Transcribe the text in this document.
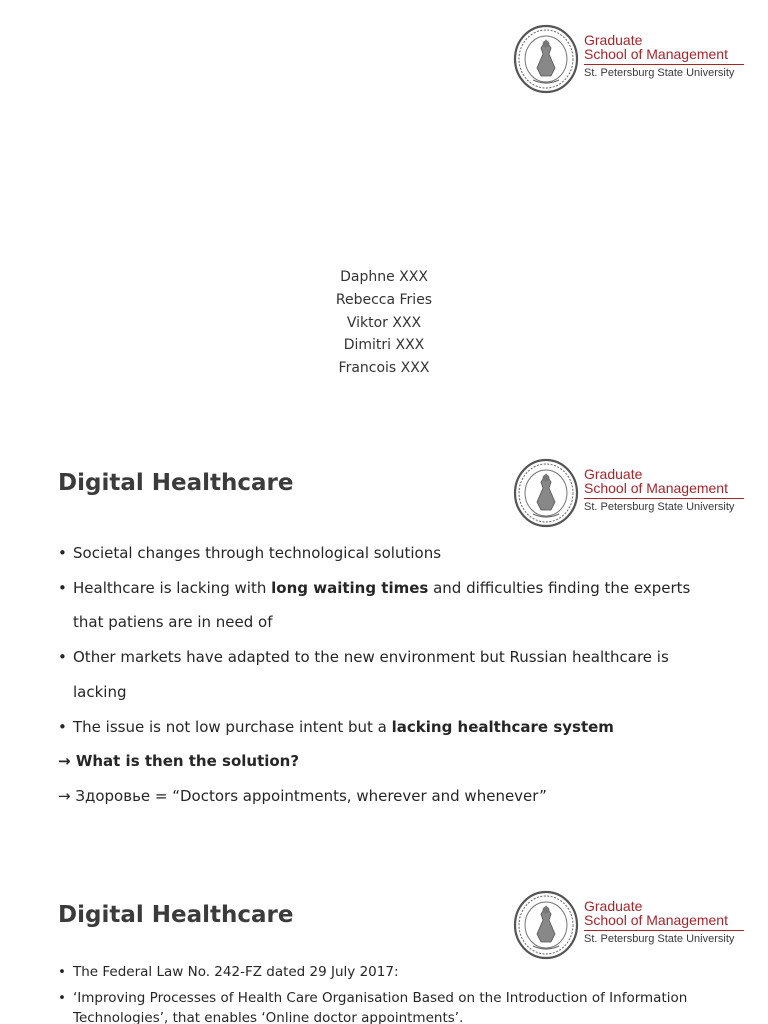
Graduate
School of Management
St. Petersburg State University
Daphne XXX
Rebecca Fries
Viktor XXX
Dimitri XXX
Francois XXX
Digital Healthcare	Graduate
School of Management
St. Petersburg State University
• Societal changes through technological solutions
• Healthcare is lacking with long waiting times and difficulties finding the experts
that patiens are in need of
• Other markets have adapted to the new environment but Russian healthcare is
lacking
• The issue is not low purchase intent but a lacking healthcare system
→ What is then the solution?
→ Здоровье = “Doctors appointments, wherever and whenever”
Digital Healthcare	Graduate
School of Management
St. Petersburg State University
• The Federal Law No. 242-FZ dated 29 July 2017:
• ‘Improving Processes of Health Care Organisation Based on the Introduction of Information
Technologies’, that enables ‘Online doctor appointments’.
